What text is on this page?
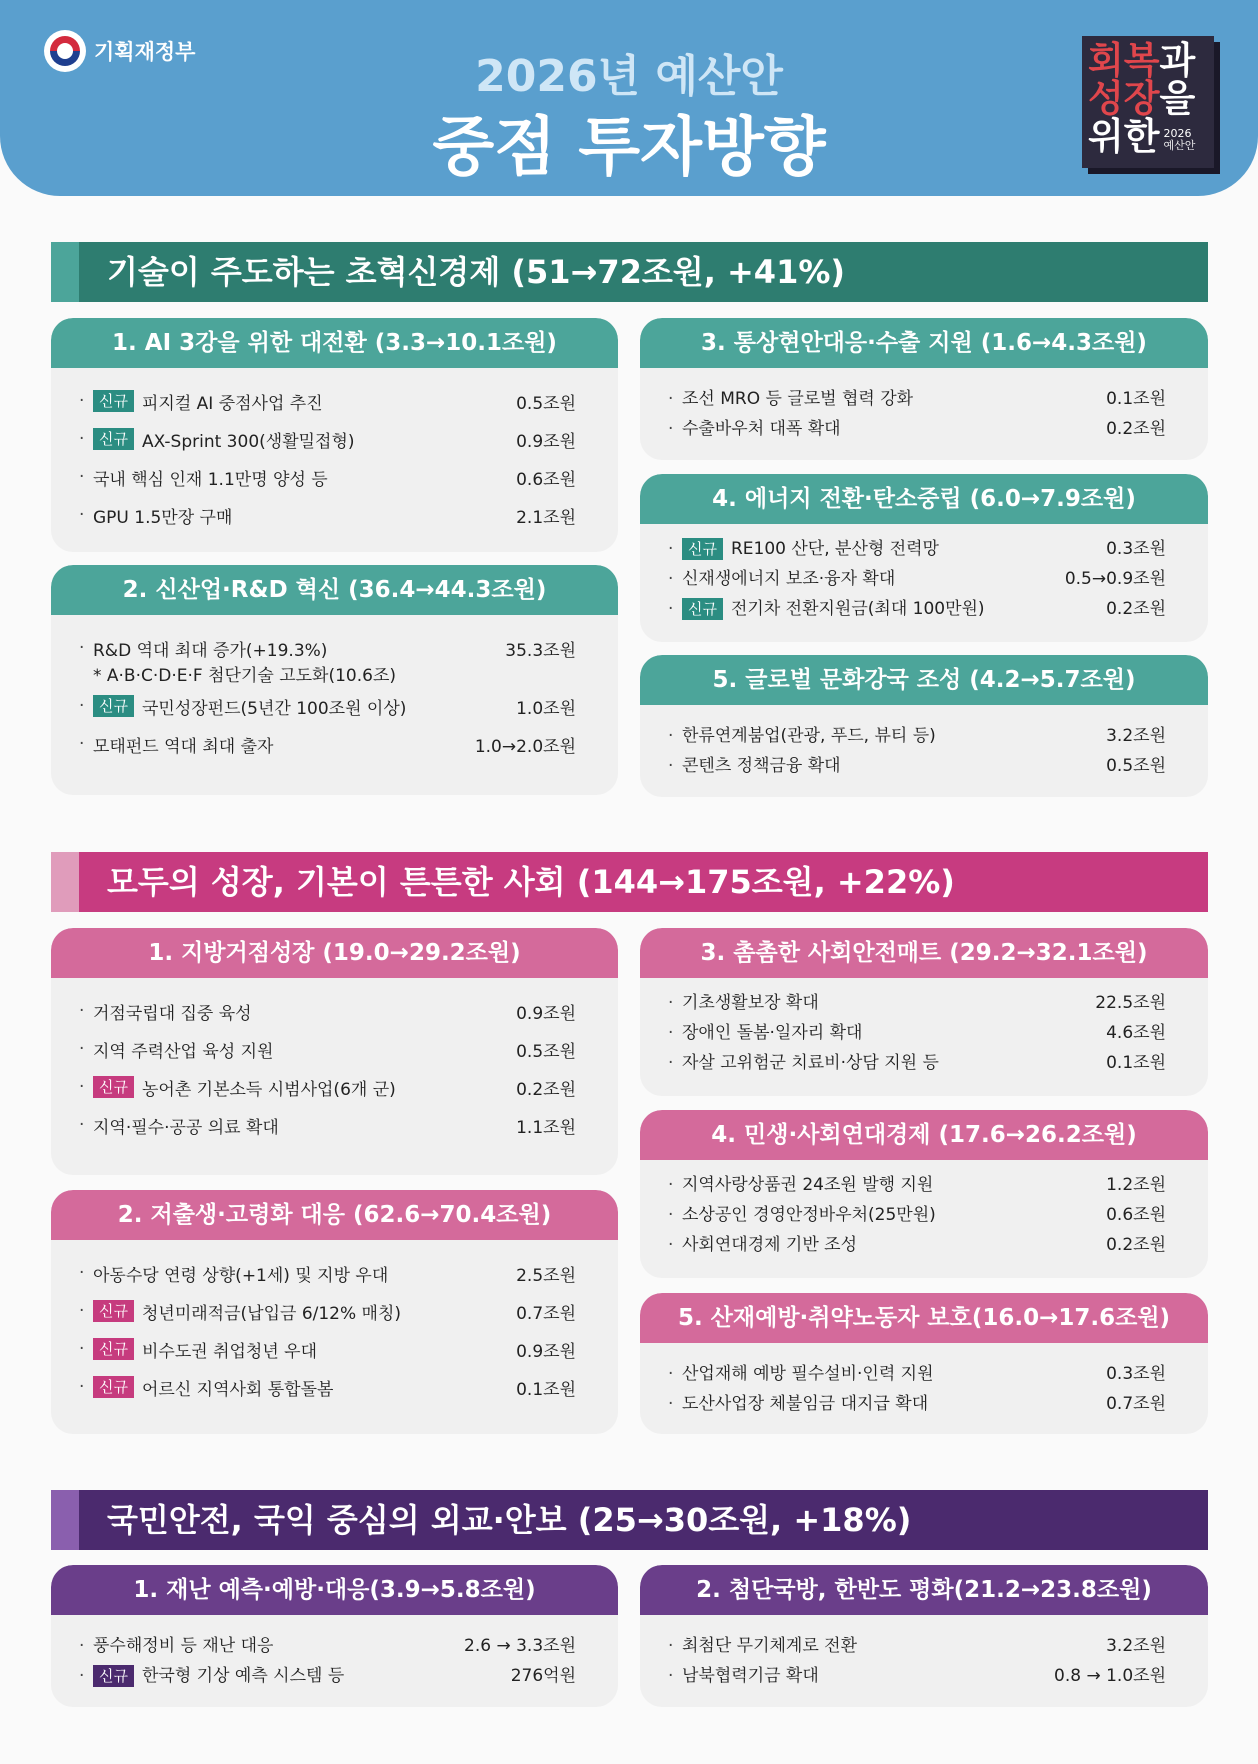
기획재정부	2026년 예산안
중점 투자방향
회복 과
성장 을
위한 2026
예산안
기술이 주도하는 초혁신경제 (51→72조원, +41%)
1. AI 3강을 위한 대전환 (3.3→10.1조원)
· 신규 피지컬 AI 중점사업 추진	0.5조원
· 신규 AX-Sprint 300(생활밀접형)	0.9조원
· 국내 핵심 인재 1.1만명 양성 등	0.6조원
· GPU 1.5만장 구매	2.1조원
2. 신산업·R&D 혁신 (36.4→44.3조원)
· R&D 역대 최대 증가(+19.3%)	35.3조원
* A·B·C·D·E·F 첨단기술 고도화(10.6조)
· 신규 국민성장펀드(5년간 100조원 이상)	1.0조원
· 모태펀드 역대 최대 출자	1.0→2.0조원
3. 통상현안대응·수출 지원 (1.6→4.3조원)
· 조선 MRO 등 글로벌 협력 강화	0.1조원
· 수출바우처 대폭 확대	0.2조원
4. 에너지 전환·탄소중립 (6.0→7.9조원)
· 신규 RE100 산단, 분산형 전력망	0.3조원
· 신재생에너지 보조·융자 확대	0.5→0.9조원
· 신규 전기차 전환지원금(최대 100만원)	0.2조원
5. 글로벌 문화강국 조성 (4.2→5.7조원)
· 한류연계붐업(관광, 푸드, 뷰티 등)	3.2조원
· 콘텐츠 정책금융 확대	0.5조원
모두의 성장, 기본이 튼튼한 사회 (144→175조원, +22%)
1. 지방거점성장 (19.0→29.2조원)
· 거점국립대 집중 육성	0.9조원
· 지역 주력산업 육성 지원	0.5조원
· 신규 농어촌 기본소득 시범사업(6개 군)	0.2조원
· 지역·필수·공공 의료 확대	1.1조원
2. 저출생·고령화 대응 (62.6→70.4조원)
· 아동수당 연령 상향(+1세) 및 지방 우대	2.5조원
· 신규 청년미래적금(납입금 6/12% 매칭)	0.7조원
· 신규 비수도권 취업청년 우대	0.9조원
· 신규 어르신 지역사회 통합돌봄	0.1조원
3. 촘촘한 사회안전매트 (29.2→32.1조원)
· 기초생활보장 확대	22.5조원
· 장애인 돌봄·일자리 확대	4.6조원
· 자살 고위험군 치료비·상담 지원 등	0.1조원
4. 민생·사회연대경제 (17.6→26.2조원)
· 지역사랑상품권 24조원 발행 지원	1.2조원
· 소상공인 경영안정바우처(25만원)	0.6조원
· 사회연대경제 기반 조성	0.2조원
5. 산재예방·취약노동자 보호(16.0→17.6조원)
· 산업재해 예방 필수설비·인력 지원	0.3조원
· 도산사업장 체불임금 대지급 확대	0.7조원
국민안전, 국익 중심의 외교·안보 (25→30조원, +18%)
1. 재난 예측·예방·대응(3.9→5.8조원)
· 풍수해정비 등 재난 대응	2.6 → 3.3조원
· 신규 한국형 기상 예측 시스템 등	276억원
2. 첨단국방, 한반도 평화(21.2→23.8조원)
· 최첨단 무기체계로 전환	3.2조원
· 남북협력기금 확대	0.8 → 1.0조원
